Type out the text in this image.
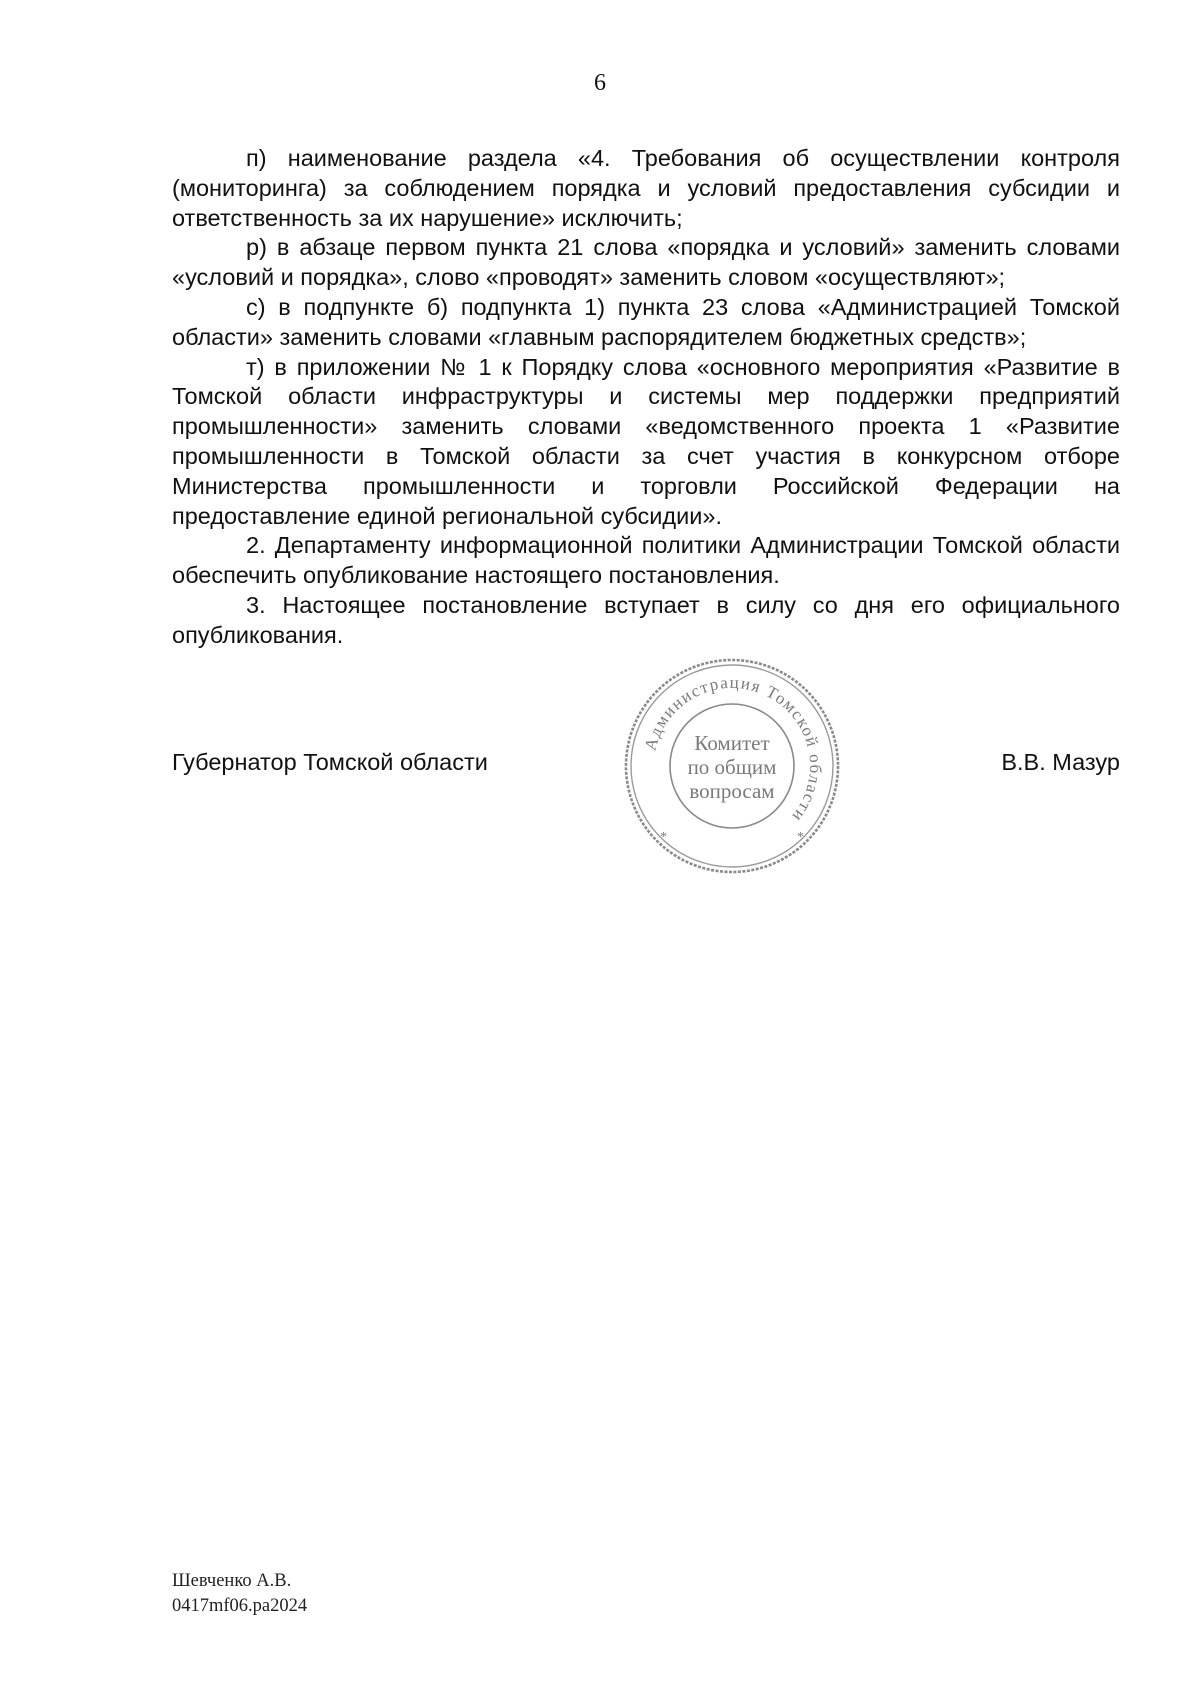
6

п) наименование раздела «4. Требования об осуществлении контроля (мониторинга) за соблюдением порядка и условий предоставления субсидии и ответственность за их нарушение» исключить;

р) в абзаце первом пункта 21 слова «порядка и условий» заменить словами «условий и порядка», слово «проводят» заменить словом «осуществляют»;

с) в подпункте б) подпункта 1) пункта 23 слова «Администрацией Томской области» заменить словами «главным распорядителем бюджетных средств»;

т) в приложении № 1 к Порядку слова «основного мероприятия «Развитие в Томской области инфраструктуры и системы мер поддержки предприятий промышленности» заменить словами «ведомственного проекта 1 «Развитие промышленности в Томской области за счет участия в конкурсном отборе Министерства промышленности и торговли Российской Федерации на предоставление единой региональной субсидии».

2. Департаменту информационной политики Администрации Томской области обеспечить опубликование настоящего постановления.

3. Настоящее постановление вступает в силу со дня его официального опубликования.

Губернатор Томской области	В.В. Мазур
Администрация Томской области
*	*
Комитет
по общим
вопросам
Шевченко А.В.
0417mf06.pa2024
